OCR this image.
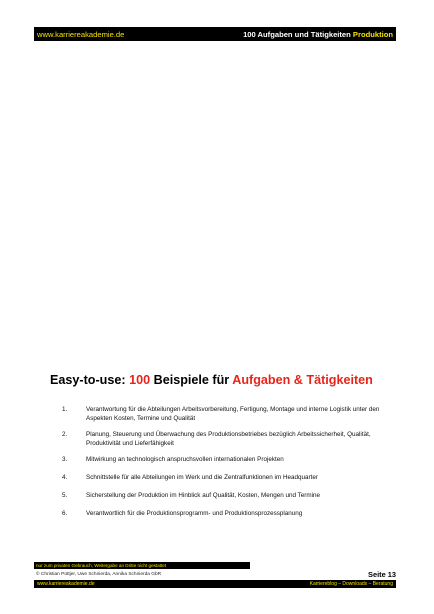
www.karriereakademie.de	100 Aufgaben und Tätigkeiten Produktion
Easy-to-use: 100 Beispiele für Aufgaben & Tätigkeiten
1.	Verantwortung für die Abteilungen Arbeitsvorbereitung, Fertigung, Montage und interne Logistik unter den Aspekten Kosten, Termine und Qualität
2.	Planung, Steuerung und Überwachung des Produktionsbetriebes bezüglich Arbeitssicherheit, Qualität, Produktivität und Lieferfähigkeit
3.	Mitwirkung an technologisch anspruchsvollen internationalen Projekten
4.	Schnittstelle für alle Abteilungen im Werk und die Zentralfunktionen im Headquarter
5.	Sicherstellung der Produktion im Hinblick auf Qualität, Kosten, Mengen und Termine
6.	Verantwortlich für die Produktionsprogramm- und Produktionsprozessplanung
nur zum privaten Gebrauch, Weitergabe an Dritte nicht gestattet
© Christian Püttjer, Uwe Schnierda, Annika Schnierda GbR	Seite 13
www.karriereakademie.de	Karriereblog – Downloads – Beratung
